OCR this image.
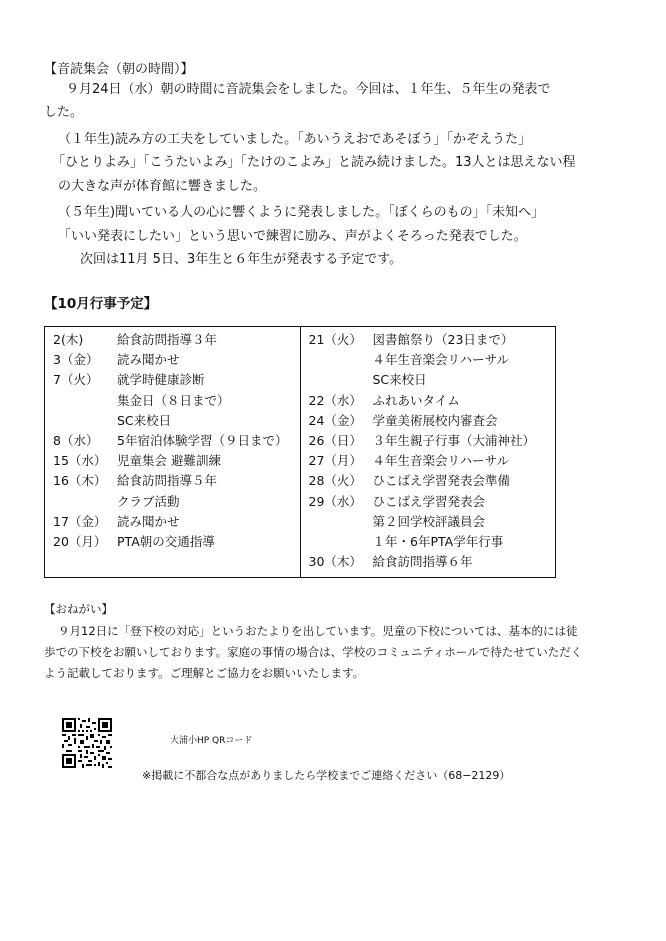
【音読集会（朝の時間）】
９月24日（水）朝の時間に音読集会をしました。今回は、１年生、５年生の発表で
した。
（１年生)読み方の工夫をしていました。「あいうえおであそぼう」「かぞえうた」
「ひとりよみ」「こうたいよみ」「たけのこよみ」と読み続けました。13人とは思えない程
の大きな声が体育館に響きました。
（５年生)聞いている人の心に響くように発表しました。「ぼくらのもの」「未知へ」
「いい発表にしたい」という思いで練習に励み、声がよくそろった発表でした。
次回は11月 5日、3年生と６年生が発表する予定です。
【10月行事予定】
2(木)	給食訪問指導３年
3（金）	読み聞かせ
7（火）	就学時健康診断
集金日（８日まで）
SC来校日
8（水）	5年宿泊体験学習（９日まで）
15（水） 児童集会 避難訓練
16（木） 給食訪問指導５年
クラブ活動
17（金） 読み聞かせ
20（月） PTA朝の交通指導

21（火） 図書館祭り（23日まで）
４年生音楽会リハーサル
SC来校日
22（水） ふれあいタイム
24（金） 学童美術展校内審査会
26（日） ３年生親子行事（大浦神社）
27（月） ４年生音楽会リハーサル
28（火） ひこばえ学習発表会準備
29（水） ひこばえ学習発表会
第２回学校評議員会
１年・6年PTA学年行事
30（木） 給食訪問指導６年
【おねがい】
９月12日に「登下校の対応」というおたよりを出しています。児童の下校については、基本的には徒
歩での下校をお願いしております。家庭の事情の場合は、学校のコミュニティホールで待たせていただく
よう記載しております。ご理解とご協力をお願いいたします。
大浦小HP QRコード
※掲載に不都合な点がありましたら学校までご連絡ください（68−2129）
